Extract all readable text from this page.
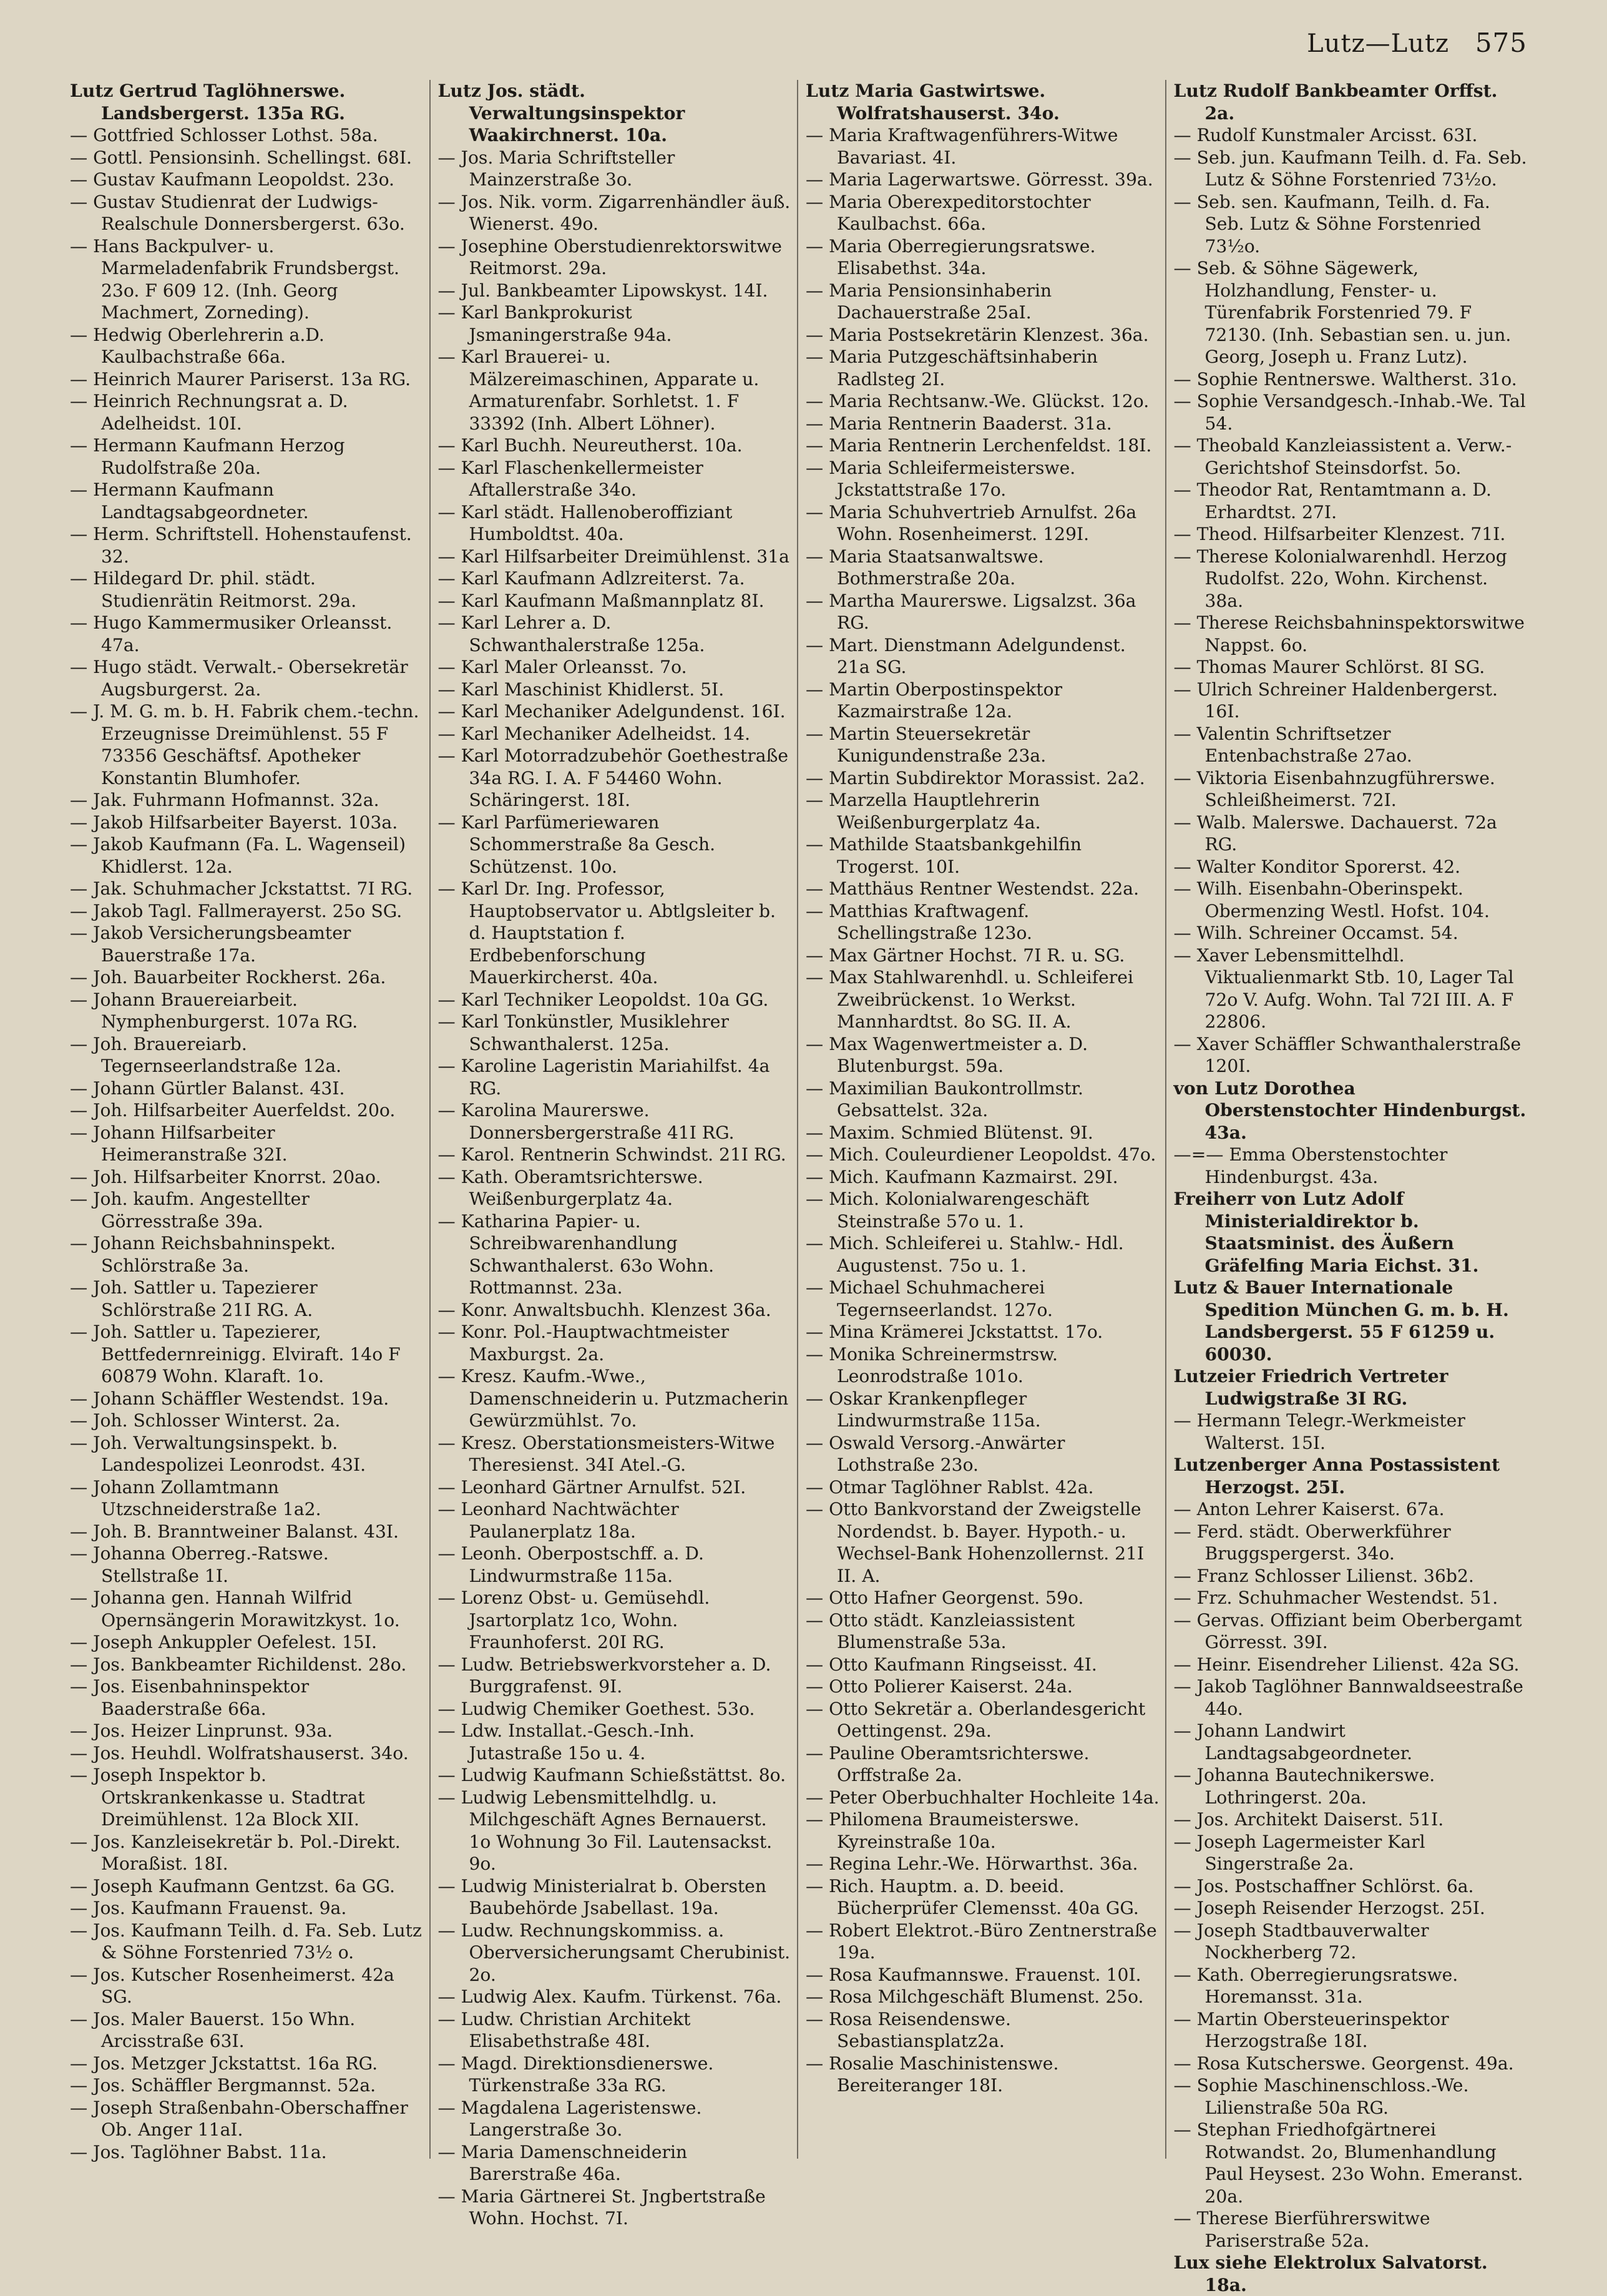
Lutz—Lutz 575

Lutz Gertrud Taglöhnerswe. Landsbergerst. 135a RG.

— Gottfried Schlosser Lothst. 58a.

— Gottl. Pensionsinh. Schellingst. 68I.

— Gustav Kaufmann Leopoldst. 23o.

— Gustav Studienrat der Ludwigs-Realschule Donnersbergerst. 63o.

— Hans Backpulver- u. Marmeladenfabrik Frundsbergst. 23o. F 609 12. (Inh. Georg Machmert, Zorneding).

— Hedwig Oberlehrerin a.D. Kaulbachstraße 66a.

— Heinrich Maurer Pariserst. 13a RG.

— Heinrich Rechnungsrat a. D. Adelheidst. 10I.

— Hermann Kaufmann Herzog Rudolfstraße 20a.

— Hermann Kaufmann Landtagsabgeordneter.

— Herm. Schriftstell. Hohenstaufenst. 32.

— Hildegard Dr. phil. städt. Studienrätin Reitmorst. 29a.

— Hugo Kammermusiker Orleansst. 47a.

— Hugo städt. Verwalt.- Obersekretär Augsburgerst. 2a.

— J. M. G. m. b. H. Fabrik chem.-techn. Erzeugnisse Dreimühlenst. 55 F 73356 Geschäftsf. Apotheker Konstantin Blumhofer.

— Jak. Fuhrmann Hofmannst. 32a.

— Jakob Hilfsarbeiter Bayerst. 103a.

— Jakob Kaufmann (Fa. L. Wagenseil) Khidlerst. 12a.

— Jak. Schuhmacher Jckstattst. 7I RG.

— Jakob Tagl. Fallmerayerst. 25o SG.

— Jakob Versicherungsbeamter Bauerstraße 17a.

— Joh. Bauarbeiter Rockherst. 26a.

— Johann Brauereiarbeit. Nymphenburgerst. 107a RG.

— Joh. Brauereiarb. Tegernseerlandstraße 12a.

— Johann Gürtler Balanst. 43I.

— Joh. Hilfsarbeiter Auerfeldst. 20o.

— Johann Hilfsarbeiter Heimeranstraße 32I.

— Joh. Hilfsarbeiter Knorrst. 20ao.

— Joh. kaufm. Angestellter Görresstraße 39a.

— Johann Reichsbahninspekt. Schlörstraße 3a.

— Joh. Sattler u. Tapezierer Schlörstraße 21I RG. A.

— Joh. Sattler u. Tapezierer, Bettfedernreinigg. Elviraft. 14o F 60879 Wohn. Klaraft. 1o.

— Johann Schäffler Westendst. 19a.

— Joh. Schlosser Winterst. 2a.

— Joh. Verwaltungsinspekt. b. Landespolizei Leonrodst. 43I.

— Johann Zollamtmann Utzschneiderstraße 1a2.

— Joh. B. Branntweiner Balanst. 43I.

— Johanna Oberreg.-Ratswe. Stellstraße 1I.

— Johanna gen. Hannah Wilfrid Opernsängerin Morawitzkyst. 1o.

— Joseph Ankuppler Oefelest. 15I.

— Jos. Bankbeamter Richildenst. 28o.

— Jos. Eisenbahninspektor Baaderstraße 66a.

— Jos. Heizer Linprunst. 93a.

— Jos. Heuhdl. Wolfratshauserst. 34o.

— Joseph Inspektor b. Ortskrankenkasse u. Stadtrat Dreimühlenst. 12a Block XII.

— Jos. Kanzleisekretär b. Pol.-Direkt. Moraßist. 18I.

— Joseph Kaufmann Gentzst. 6a GG.

— Jos. Kaufmann Frauenst. 9a.

— Jos. Kaufmann Teilh. d. Fa. Seb. Lutz & Söhne Forstenried 73½ o.

— Jos. Kutscher Rosenheimerst. 42a SG.

— Jos. Maler Bauerst. 15o Whn. Arcisstraße 63I.

— Jos. Metzger Jckstattst. 16a RG.

— Jos. Schäffler Bergmannst. 52a.

— Joseph Straßenbahn-Oberschaffner Ob. Anger 11aI.

— Jos. Taglöhner Babst. 11a.

Lutz Jos. städt. Verwaltungsinspektor Waakirchnerst. 10a.

— Jos. Maria Schriftsteller Mainzerstraße 3o.

— Jos. Nik. vorm. Zigarrenhändler äuß. Wienerst. 49o.

— Josephine Oberstudienrektorswitwe Reitmorst. 29a.

— Jul. Bankbeamter Lipowskyst. 14I.

— Karl Bankprokurist Jsmaningerstraße 94a.

— Karl Brauerei- u. Mälzereimaschinen, Apparate u. Armaturenfabr. Sorhletst. 1. F 33392 (Inh. Albert Löhner).

— Karl Buchh. Neureutherst. 10a.

— Karl Flaschenkellermeister Aftallerstraße 34o.

— Karl städt. Hallenoberoffiziant Humboldtst. 40a.

— Karl Hilfsarbeiter Dreimühlenst. 31a

— Karl Kaufmann Adlzreiterst. 7a.

— Karl Kaufmann Maßmannplatz 8I.

— Karl Lehrer a. D. Schwanthalerstraße 125a.

— Karl Maler Orleansst. 7o.

— Karl Maschinist Khidlerst. 5I.

— Karl Mechaniker Adelgundenst. 16I.

— Karl Mechaniker Adelheidst. 14.

— Karl Motorradzubehör Goethestraße 34a RG. I. A. F 54460 Wohn. Schäringerst. 18I.

— Karl Parfümeriewaren Schommerstraße 8a Gesch. Schützenst. 10o.

— Karl Dr. Ing. Professor, Hauptobservator u. Abtlgsleiter b. d. Hauptstation f. Erdbebenforschung Mauerkircherst. 40a.

— Karl Techniker Leopoldst. 10a GG.

— Karl Tonkünstler, Musiklehrer Schwanthalerst. 125a.

— Karoline Lageristin Mariahilfst. 4a RG.

— Karolina Maurerswe. Donnersbergerstraße 41I RG.

— Karol. Rentnerin Schwindst. 21I RG.

— Kath. Oberamtsrichterswe. Weißenburgerplatz 4a.

— Katharina Papier- u. Schreibwarenhandlung Schwanthalerst. 63o Wohn. Rottmannst. 23a.

— Konr. Anwaltsbuchh. Klenzest 36a.

— Konr. Pol.-Hauptwachtmeister Maxburgst. 2a.

— Kresz. Kaufm.-Wwe., Damenschneiderin u. Putzmacherin Gewürzmühlst. 7o.

— Kresz. Oberstationsmeisters-Witwe Theresienst. 34I Atel.-G.

— Leonhard Gärtner Arnulfst. 52I.

— Leonhard Nachtwächter Paulanerplatz 18a.

— Leonh. Oberpostschff. a. D. Lindwurmstraße 115a.

— Lorenz Obst- u. Gemüsehdl. Jsartorplatz 1co, Wohn. Fraunhoferst. 20I RG.

— Ludw. Betriebswerkvorsteher a. D. Burggrafenst. 9I.

— Ludwig Chemiker Goethest. 53o.

— Ldw. Installat.-Gesch.-Inh. Jutastraße 15o u. 4.

— Ludwig Kaufmann Schießstättst. 8o.

— Ludwig Lebensmittelhdlg. u. Milchgeschäft Agnes Bernauerst. 1o Wohnung 3o Fil. Lautensackst. 9o.

— Ludwig Ministerialrat b. Obersten Baubehörde Jsabellast. 19a.

— Ludw. Rechnungskommiss. a. Oberversicherungsamt Cherubinist. 2o.

— Ludwig Alex. Kaufm. Türkenst. 76a.

— Ludw. Christian Architekt Elisabethstraße 48I.

— Magd. Direktionsdienerswe. Türkenstraße 33a RG.

— Magdalena Lageristenswe. Langerstraße 3o.

— Maria Damenschneiderin Barerstraße 46a.

— Maria Gärtnerei St. Jngbertstraße Wohn. Hochst. 7I.

Lutz Maria Gastwirtswe. Wolfratshauserst. 34o.

— Maria Kraftwagenführers-Witwe Bavariast. 4I.

— Maria Lagerwartswe. Görresst. 39a.

— Maria Oberexpeditorstochter Kaulbachst. 66a.

— Maria Oberregierungsratswe. Elisabethst. 34a.

— Maria Pensionsinhaberin Dachauerstraße 25aI.

— Maria Postsekretärin Klenzest. 36a.

— Maria Putzgeschäftsinhaberin Radlsteg 2I.

— Maria Rechtsanw.-We. Glückst. 12o.

— Maria Rentnerin Baaderst. 31a.

— Maria Rentnerin Lerchenfeldst. 18I.

— Maria Schleifermeisterswe. Jckstattstraße 17o.

— Maria Schuhvertrieb Arnulfst. 26a Wohn. Rosenheimerst. 129I.

— Maria Staatsanwaltswe. Bothmerstraße 20a.

— Martha Maurerswe. Ligsalzst. 36a RG.

— Mart. Dienstmann Adelgundenst. 21a SG.

— Martin Oberpostinspektor Kazmairstraße 12a.

— Martin Steuersekretär Kunigundenstraße 23a.

— Martin Subdirektor Morassist. 2a2.

— Marzella Hauptlehrerin Weißenburgerplatz 4a.

— Mathilde Staatsbankgehilfin Trogerst. 10I.

— Matthäus Rentner Westendst. 22a.

— Matthias Kraftwagenf. Schellingstraße 123o.

— Max Gärtner Hochst. 7I R. u. SG.

— Max Stahlwarenhdl. u. Schleiferei Zweibrückenst. 1o Werkst. Mannhardtst. 8o SG. II. A.

— Max Wagenwertmeister a. D. Blutenburgst. 59a.

— Maximilian Baukontrollmstr. Gebsattelst. 32a.

— Maxim. Schmied Blütenst. 9I.

— Mich. Couleurdiener Leopoldst. 47o.

— Mich. Kaufmann Kazmairst. 29I.

— Mich. Kolonialwarengeschäft Steinstraße 57o u. 1.

— Mich. Schleiferei u. Stahlw.- Hdl. Augustenst. 75o u. 1.

— Michael Schuhmacherei Tegernseerlandst. 127o.

— Mina Krämerei Jckstattst. 17o.

— Monika Schreinermstrsw. Leonrodstraße 101o.

— Oskar Krankenpfleger Lindwurmstraße 115a.

— Oswald Versorg.-Anwärter Lothstraße 23o.

— Otmar Taglöhner Rablst. 42a.

— Otto Bankvorstand der Zweigstelle Nordendst. b. Bayer. Hypoth.- u. Wechsel-Bank Hohenzollernst. 21I II. A.

— Otto Hafner Georgenst. 59o.

— Otto städt. Kanzleiassistent Blumenstraße 53a.

— Otto Kaufmann Ringseisst. 4I.

— Otto Polierer Kaiserst. 24a.

— Otto Sekretär a. Oberlandesgericht Oettingenst. 29a.

— Pauline Oberamtsrichterswe. Orffstraße 2a.

— Peter Oberbuchhalter Hochleite 14a.

— Philomena Braumeisterswe. Kyreinstraße 10a.

— Regina Lehr.-We. Hörwarthst. 36a.

— Rich. Hauptm. a. D. beeid. Bücherprüfer Clemensst. 40a GG.

— Robert Elektrot.-Büro Zentnerstraße 19a.

— Rosa Kaufmannswe. Frauenst. 10I.

— Rosa Milchgeschäft Blumenst. 25o.

— Rosa Reisendenswe. Sebastiansplatz2a.

— Rosalie Maschinistenswe. Bereiteranger 18I.

Lutz Rudolf Bankbeamter Orffst. 2a.

— Rudolf Kunstmaler Arcisst. 63I.

— Seb. jun. Kaufmann Teilh. d. Fa. Seb. Lutz & Söhne Forstenried 73½o.

— Seb. sen. Kaufmann, Teilh. d. Fa. Seb. Lutz & Söhne Forstenried 73½o.

— Seb. & Söhne Sägewerk, Holzhandlung, Fenster- u. Türenfabrik Forstenried 79. F 72130. (Inh. Sebastian sen. u. jun. Georg, Joseph u. Franz Lutz).

— Sophie Rentnerswe. Waltherst. 31o.

— Sophie Versandgesch.-Inhab.-We. Tal 54.

— Theobald Kanzleiassistent a. Verw.-Gerichtshof Steinsdorfst. 5o.

— Theodor Rat, Rentamtmann a. D. Erhardtst. 27I.

— Theod. Hilfsarbeiter Klenzest. 71I.

— Therese Kolonialwarenhdl. Herzog Rudolfst. 22o, Wohn. Kirchenst. 38a.

— Therese Reichsbahninspektorswitwe Nappst. 6o.

— Thomas Maurer Schlörst. 8I SG.

— Ulrich Schreiner Haldenbergerst. 16I.

— Valentin Schriftsetzer Entenbachstraße 27ao.

— Viktoria Eisenbahnzugführerswe. Schleißheimerst. 72I.

— Walb. Malerswe. Dachauerst. 72a RG.

— Walter Konditor Sporerst. 42.

— Wilh. Eisenbahn-Oberinspekt. Obermenzing Westl. Hofst. 104.

— Wilh. Schreiner Occamst. 54.

— Xaver Lebensmittelhdl. Viktualienmarkt Stb. 10, Lager Tal 72o V. Aufg. Wohn. Tal 72I III. A. F 22806.

— Xaver Schäffler Schwanthalerstraße 120I.

von Lutz Dorothea Oberstenstochter Hindenburgst. 43a.

—=— Emma Oberstenstochter Hindenburgst. 43a.

Freiherr von Lutz Adolf Ministerialdirektor b. Staatsminist. des Äußern Gräfelfing Maria Eichst. 31.

Lutz & Bauer Internationale Spedition München G. m. b. H. Landsbergerst. 55 F 61259 u. 60030.

Lutzeier Friedrich Vertreter Ludwigstraße 3I RG.

— Hermann Telegr.-Werkmeister Walterst. 15I.

Lutzenberger Anna Postassistent Herzogst. 25I.

— Anton Lehrer Kaiserst. 67a.

— Ferd. städt. Oberwerkführer Bruggspergerst. 34o.

— Franz Schlosser Lilienst. 36b2.

— Frz. Schuhmacher Westendst. 51.

— Gervas. Offiziant beim Oberbergamt Görresst. 39I.

— Heinr. Eisendreher Lilienst. 42a SG.

— Jakob Taglöhner Bannwaldseestraße 44o.

— Johann Landwirt Landtagsabgeordneter.

— Johanna Bautechnikerswe. Lothringerst. 20a.

— Jos. Architekt Daiserst. 51I.

— Joseph Lagermeister Karl Singerstraße 2a.

— Jos. Postschaffner Schlörst. 6a.

— Joseph Reisender Herzogst. 25I.

— Joseph Stadtbauverwalter Nockherberg 72.

— Kath. Oberregierungsratswe. Horemansst. 31a.

— Martin Obersteuerinspektor Herzogstraße 18I.

— Rosa Kutscherswe. Georgenst. 49a.

— Sophie Maschinenschloss.-We. Lilienstraße 50a RG.

— Stephan Friedhofgärtnerei Rotwandst. 2o, Blumenhandlung Paul Heysest. 23o Wohn. Emeranst. 20a.

— Therese Bierführerswitwe Pariserstraße 52a.

Lux siehe Elektrolux Salvatorst. 18a.
